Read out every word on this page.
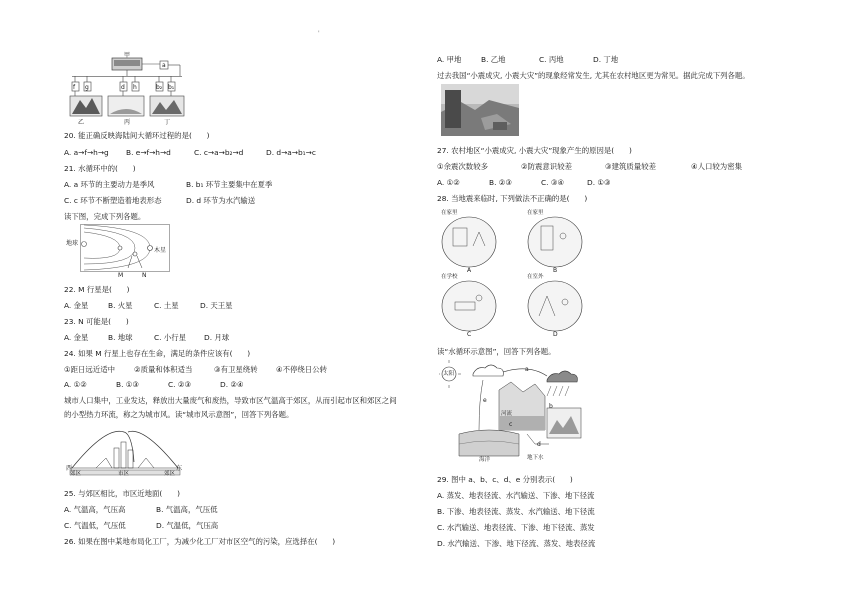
'
甲
a
f g	d h	b₂ b₁
乙	丙	丁
20. 能正确反映海陆间大循环过程的是(　　)
A. a→f→h→g B. e→f→h→d	C. c→a→b₂→d	D. d→a→b₁→c
21. 水循环中的(　　)
A. a 环节的主要动力是季风	B. b₁ 环节主要集中在夏季
C. c 环节不断塑造着地表形态	D. d 环节为水汽输送
读下图，完成下列各题。
地球
木星
M	N
22. M 行星是(　　)
A. 金星	B. 火星	C. 土星	D. 天王星
23. N 可能是(　　)
A. 金星	B. 地球	C. 小行星 D. 月球
24. 如果 M 行星上也存在生命，满足的条件应该有(　　)
①距日远近适中	②质量和体积适当	③有卫星绕转 ④不停绕日公转
A. ①②	B. ①③	C. ②③	D. ②④
城市人口集中，工业发达，释放出大量废气和废热，导致市区气温高于郊区，从而引起市区和郊区之间
的小型热力环流，称之为城市风。读“城市风示意图”，回答下列各题。
西	东
郊区	市区	郊区
25. 与郊区相比，市区近地面(　　)
A. 气温高，气压高	B. 气温高，气压低
C. 气温低，气压低	D. 气温低，气压高
26. 如果在图中某地布局化工厂，为减少化工厂对市区空气的污染，应选择在(　　)
A. 甲地	B. 乙地	C. 丙地	D. 丁地
过去我国“小震成灾, 小震大灾”的现象经常发生, 尤其在农村地区更为常见。据此完成下列各题。
27. 农村地区“小震成灾, 小震大灾”现象产生的原因是(　　)
①余震次数较多	②防震意识较差	③建筑质量较差	④人口较为密集
A. ①②	B. ②③	C. ③④	D. ①③
28. 当地震来临时, 下列做法不正确的是(　　)
在家里	在家里
在学校	在室外
A	B
C	D
读“水循环示意图”，回答下列各题。
太阳
a
b
c
d
e
河流
海洋	地下水
29. 图中 a、b、c、d、e 分别表示(　　)
A. 蒸发、地表径流、水汽输送、下渗、地下径流
B. 下渗、地表径流、蒸发、水汽输送、地下径流
C. 水汽输送、地表径流、下渗、地下径流、蒸发
D. 水汽输送、下渗、地下径流、蒸发、地表径流
